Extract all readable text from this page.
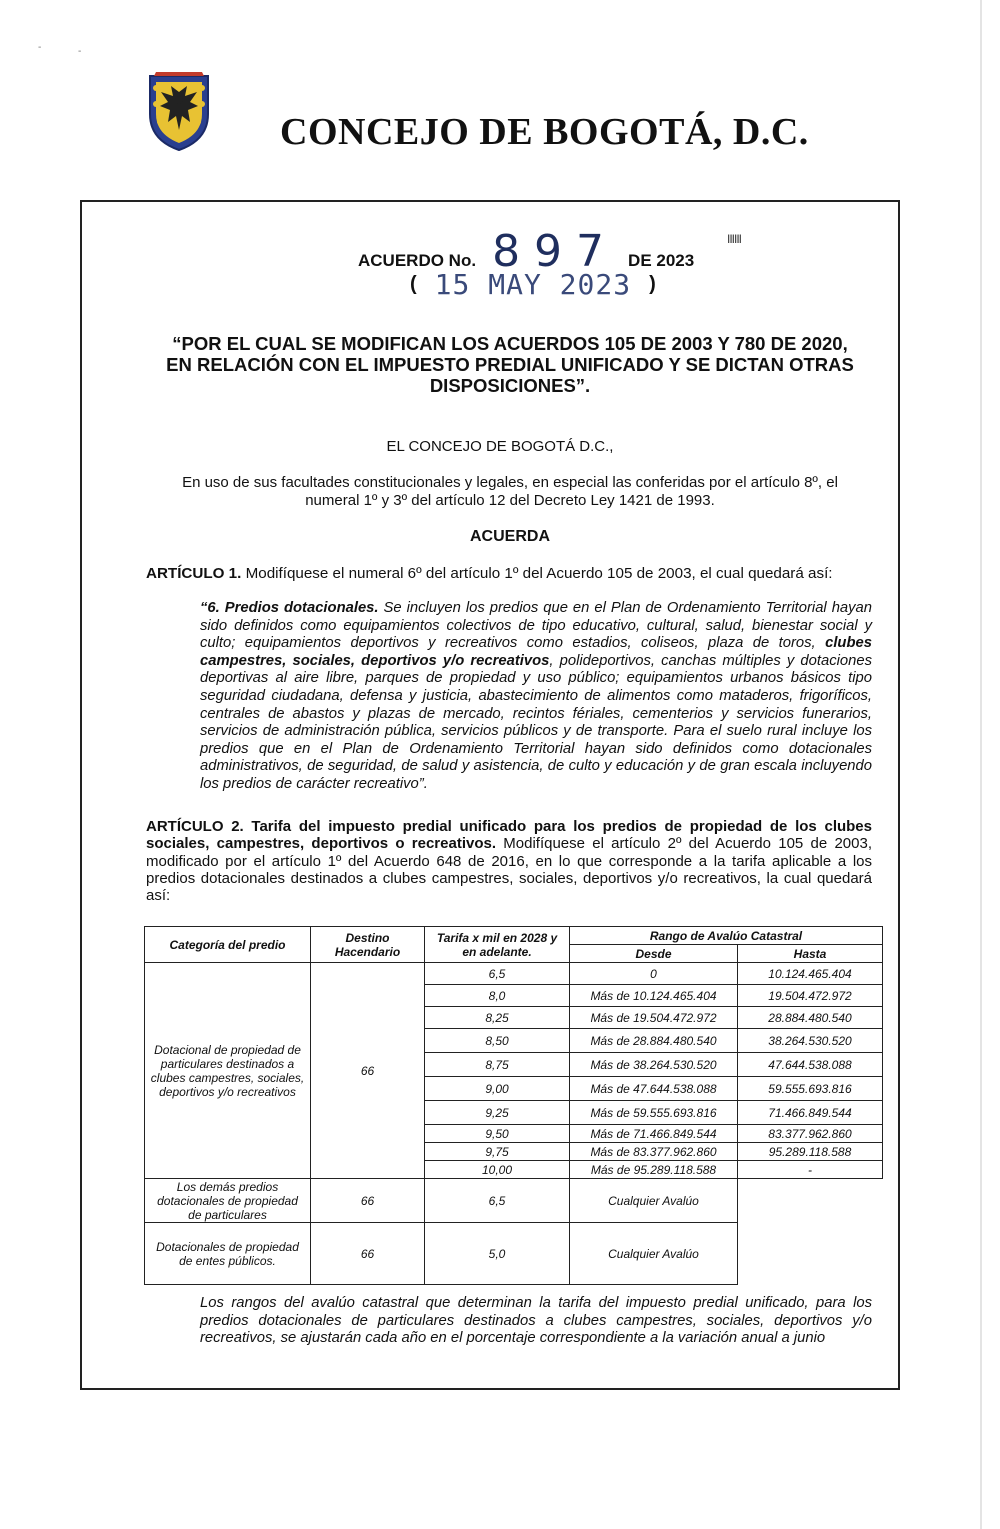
CONCEJO DE BOGOTÁ, D.C.
-	-
ACUERDO No. 897 DE 2023
IIIIII
( 15 MAY 2023 )
“POR EL CUAL SE MODIFICAN LOS ACUERDOS 105 DE 2003 Y 780 DE 2020, EN RELACIÓN CON EL IMPUESTO PREDIAL UNIFICADO Y SE DICTAN OTRAS DISPOSICIONES”.
EL CONCEJO DE BOGOTÁ D.C.,
En uso de sus facultades constitucionales y legales, en especial las conferidas por el artículo 8º, el numeral 1º y 3º del artículo 12 del Decreto Ley 1421 de 1993.
ACUERDA
ARTÍCULO 1. Modifíquese el numeral 6º del artículo 1º del Acuerdo 105 de 2003, el cual quedará así:
“6. Predios dotacionales. Se incluyen los predios que en el Plan de Ordenamiento Territorial hayan sido definidos como equipamientos colectivos de tipo educativo, cultural, salud, bienestar social y culto; equipamientos deportivos y recreativos como estadios, coliseos, plaza de toros, clubes campestres, sociales, deportivos y/o recreativos, polideportivos, canchas múltiples y dotaciones deportivas al aire libre, parques de propiedad y uso público; equipamientos urbanos básicos tipo seguridad ciudadana, defensa y justicia, abastecimiento de alimentos como mataderos, frigoríficos, centrales de abastos y plazas de mercado, recintos fériales, cementerios y servicios funerarios, servicios de administración pública, servicios públicos y de transporte. Para el suelo rural incluye los predios que en el Plan de Ordenamiento Territorial hayan sido definidos como dotacionales administrativos, de seguridad, de salud y asistencia, de culto y educación y de gran escala incluyendo los predios de carácter recreativo”.
ARTÍCULO 2. Tarifa del impuesto predial unificado para los predios de propiedad de los clubes sociales, campestres, deportivos o recreativos. Modifíquese el artículo 2º del Acuerdo 105 de 2003, modificado por el artículo 1º del Acuerdo 648 de 2016, en lo que corresponde a la tarifa aplicable a los predios dotacionales destinados a clubes campestres, sociales, deportivos y/o recreativos, la cual quedará así:
Categoría del predio	Destino Hacendario	Tarifa x mil en 2028 y en adelante.	Rango de Avalúo Catastral	
			Desde	Hasta
Dotacional de propiedad de particulares destinados a clubes campestres, sociales, deportivos y/o recreativos	66	6,5	0	10.124.465.404
		8,0	Más de 10.124.465.404	19.504.472.972
		8,25	Más de 19.504.472.972	28.884.480.540
		8,50	Más de 28.884.480.540	38.264.530.520
		8,75	Más de 38.264.530.520	47.644.538.088
		9,00	Más de 47.644.538.088	59.555.693.816
		9,25	Más de 59.555.693.816	71.466.849.544
		9,50	Más de 71.466.849.544	83.377.962.860
		9,75	Más de 83.377.962.860	95.289.118.588
		10,00	Más de 95.289.118.588	-
Los demás predios dotacionales de propiedad de particulares	66	6,5	Cualquier Avalúo	
Dotacionales de propiedad de entes públicos.	66	5,0	Cualquier Avalúo	
Los rangos del avalúo catastral que determinan la tarifa del impuesto predial unificado, para los predios dotacionales de particulares destinados a clubes campestres, sociales, deportivos y/o recreativos, se ajustarán cada año en el porcentaje correspondiente a la variación anual a junio
